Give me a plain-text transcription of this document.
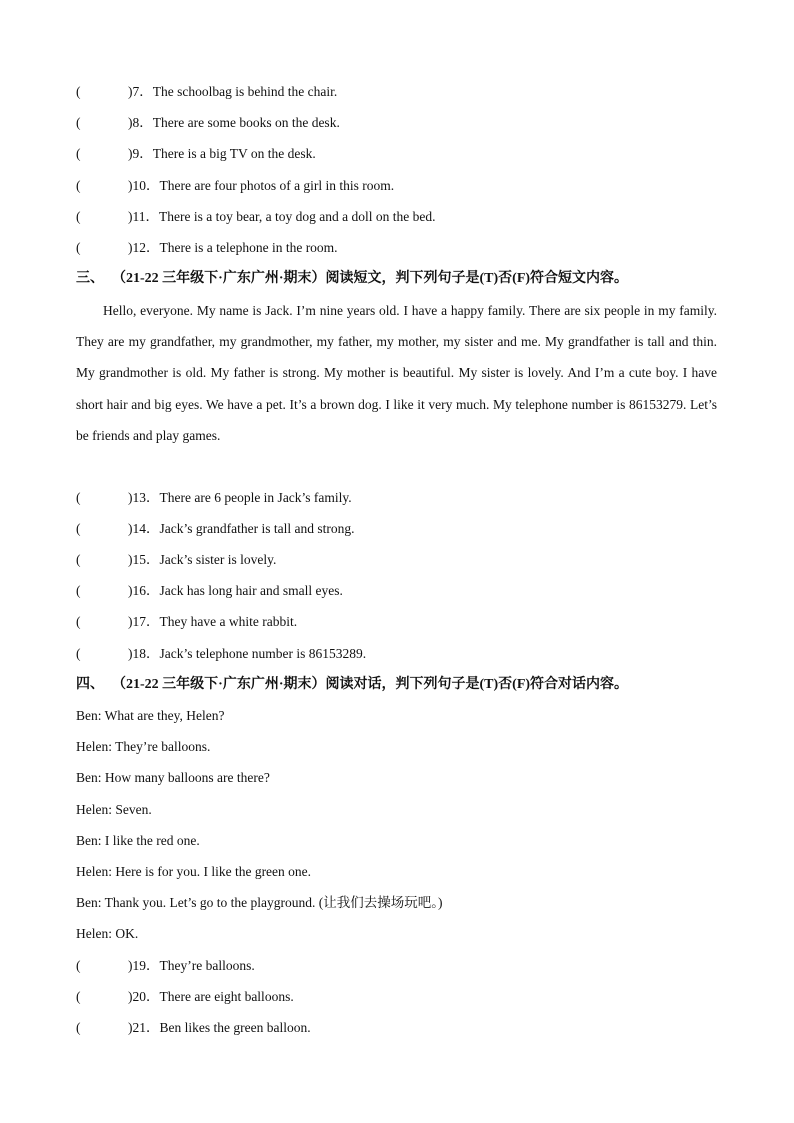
(	)7．The schoolbag is behind the chair.
(	)8．There are some books on the desk.
(	)9．There is a big TV on the desk.
(	)10．There are four photos of a girl in this room.
(	)11．There is a toy bear, a toy dog and a doll on the bed.
(	)12．There is a telephone in the room.
三、 （21-22 三年级下·广东广州·期末）阅读短文，判下列句子是(T)否(F)符合短文内容。

Hello, everyone. My name is Jack. I’m nine years old. I have a happy family. There are six people in my family. They are my grandfather, my grandmother, my father, my mother, my sister and me. My grandfather is tall and thin. My grandmother is old. My father is strong. My mother is beautiful. My sister is lovely. And I’m a cute boy. I have short hair and big eyes. We have a pet. It’s a brown dog. I like it very much. My telephone number is 86153279. Let’s be friends and play games.

(	)13．There are 6 people in Jack’s family.
(	)14．Jack’s grandfather is tall and strong.
(	)15．Jack’s sister is lovely.
(	)16．Jack has long hair and small eyes.
(	)17．They have a white rabbit.
(	)18．Jack’s telephone number is 86153289.
四、 （21-22 三年级下·广东广州·期末）阅读对话，判下列句子是(T)否(F)符合对话内容。
Ben: What are they, Helen?
Helen: They’re balloons.
Ben: How many balloons are there?
Helen: Seven.
Ben: I like the red one.
Helen: Here is for you. I like the green one.
Ben: Thank you. Let’s go to the playground. (让我们去操场玩吧。)
Helen: OK.
(	)19．They’re balloons.
(	)20．There are eight balloons.
(	)21．Ben likes the green balloon.
